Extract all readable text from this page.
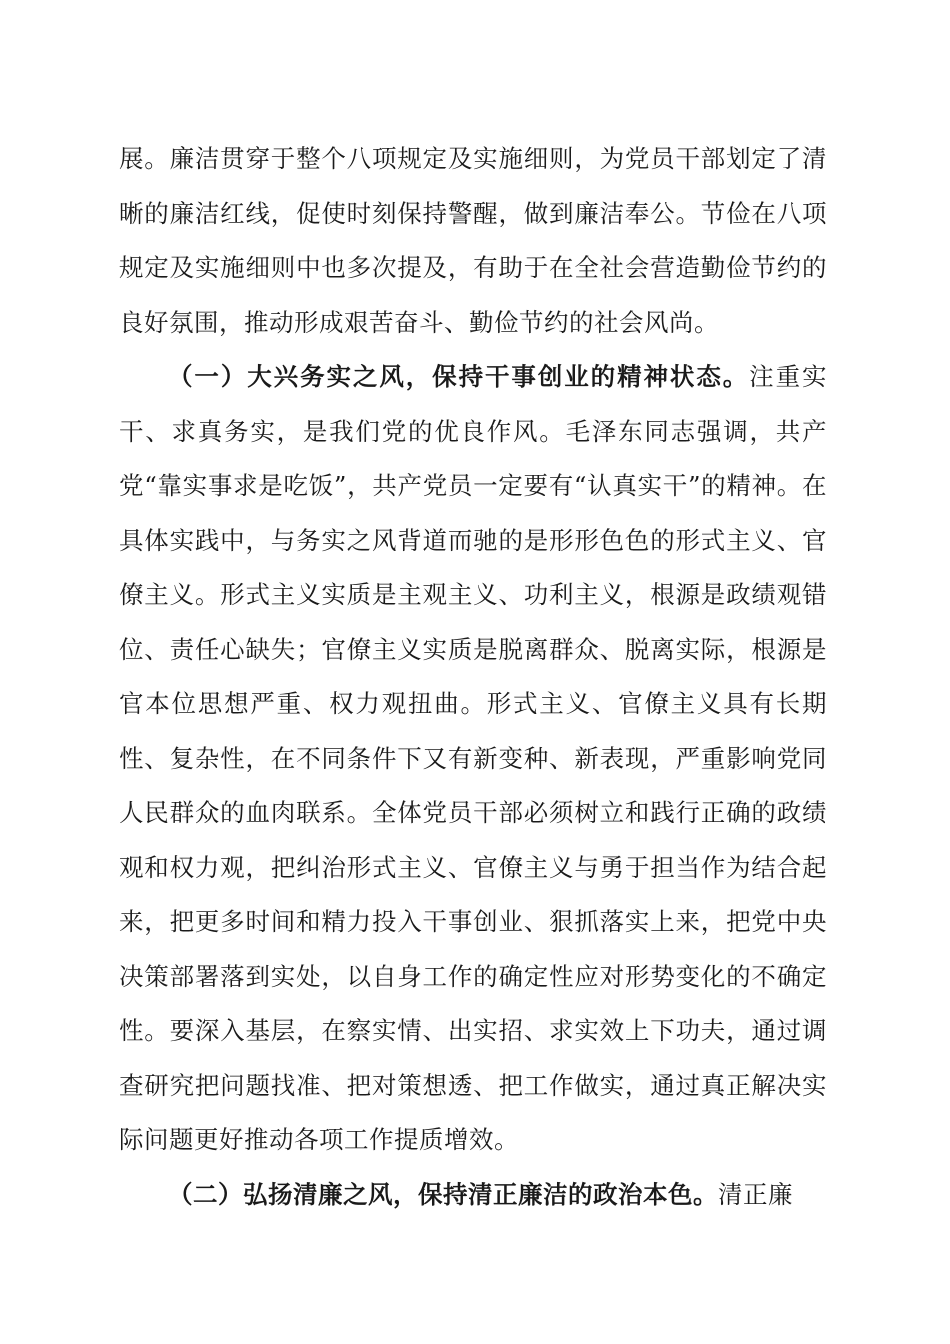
展。廉洁贯穿于整个八项规定及实施细则，为党员干部划定了清晰的廉洁红线，促使时刻保持警醒，做到廉洁奉公。节俭在八项规定及实施细则中也多次提及，有助于在全社会营造勤俭节约的良好氛围，推动形成艰苦奋斗、勤俭节约的社会风尚。

（一）大兴务实之风，保持干事创业的精神状态。注重实干、求真务实，是我们党的优良作风。毛泽东同志强调，共产党“靠实事求是吃饭”，共产党员一定要有“认真实干”的精神。在具体实践中，与务实之风背道而驰的是形形色色的形式主义、官僚主义。形式主义实质是主观主义、功利主义，根源是政绩观错位、责任心缺失；官僚主义实质是脱离群众、脱离实际，根源是官本位思想严重、权力观扭曲。形式主义、官僚主义具有长期性、复杂性，在不同条件下又有新变种、新表现，严重影响党同人民群众的血肉联系。全体党员干部必须树立和践行正确的政绩观和权力观，把纠治形式主义、官僚主义与勇于担当作为结合起来，把更多时间和精力投入干事创业、狠抓落实上来，把党中央决策部署落到实处，以自身工作的确定性应对形势变化的不确定性。要深入基层，在察实情、出实招、求实效上下功夫，通过调查研究把问题找准、把对策想透、把工作做实，通过真正解决实际问题更好推动各项工作提质增效。

（二）弘扬清廉之风，保持清正廉洁的政治本色。清正廉
